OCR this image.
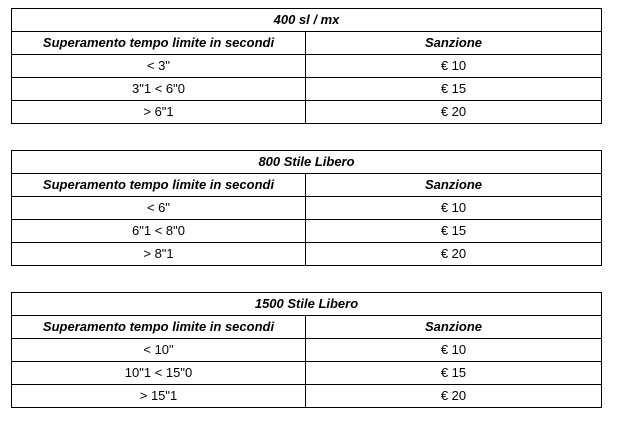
400 sl / mx	
Superamento tempo limite in secondi	Sanzione
< 3"	€ 10
3"1 < 6"0	€ 15
> 6"1	€ 20
800 Stile Libero	
Superamento tempo limite in secondi	Sanzione
< 6"	€ 10
6"1 < 8"0	€ 15
> 8"1	€ 20
1500 Stile Libero	
Superamento tempo limite in secondi	Sanzione
< 10"	€ 10
10"1 < 15"0	€ 15
> 15"1	€ 20
